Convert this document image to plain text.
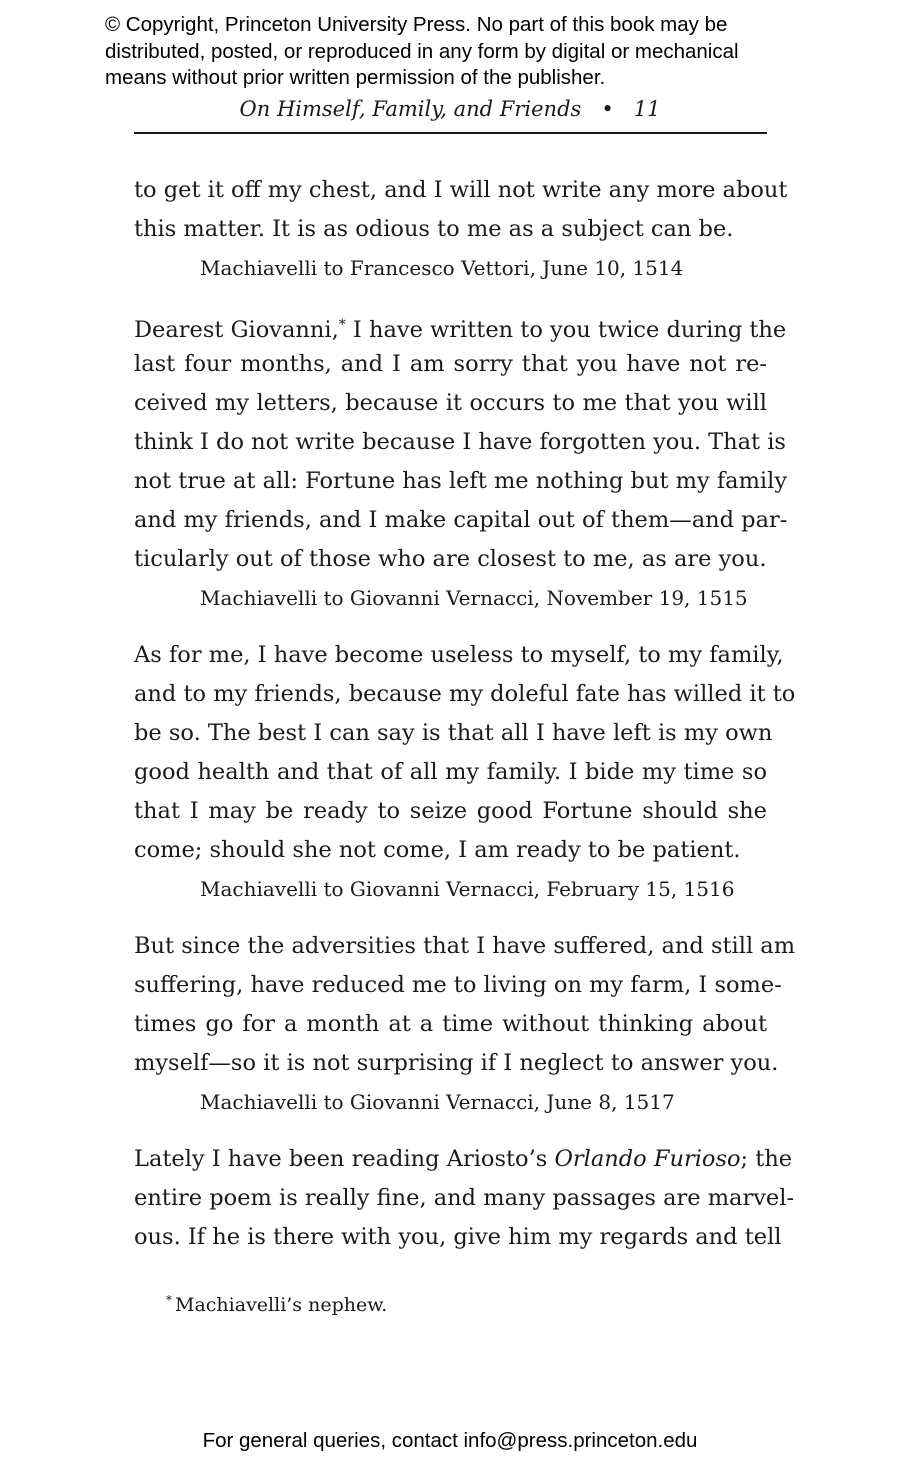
© Copyright, Princeton University Press. No part of this book may be
distributed, posted, or reproduced in any form by digital or mechanical
means without prior written permission of the publisher.
On Himself, Family, and Friends • 11
to get it off my chest, and I will not write any more about
this matter. It is as odious to me as a subject can be.
Machiavelli to Francesco Vettori, June 10, 1514
Dearest Giovanni,* I have written to you twice during the
last four months, and I am sorry that you have not re-
ceived my letters, because it occurs to me that you will
think I do not write because I have forgotten you. That is
not true at all: Fortune has left me nothing but my family
and my friends, and I make capital out of them—and par-
ticularly out of those who are closest to me, as are you.
Machiavelli to Giovanni Vernacci, November 19, 1515
As for me, I have become useless to myself, to my family,
and to my friends, because my doleful fate has willed it to
be so. The best I can say is that all I have left is my own
good health and that of all my family. I bide my time so
that I may be ready to seize good Fortune should she
come; should she not come, I am ready to be patient.
Machiavelli to Giovanni Vernacci, February 15, 1516
But since the adversities that I have suffered, and still am
suffering, have reduced me to living on my farm, I some-
times go for a month at a time without thinking about
myself—so it is not surprising if I neglect to answer you.
Machiavelli to Giovanni Vernacci, June 8, 1517
Lately I have been reading Ariosto’s Orlando Furioso; the
entire poem is really fine, and many passages are marvel-
ous. If he is there with you, give him my regards and tell
* Machiavelli’s nephew.
For general queries, contact info@press.princeton.edu
